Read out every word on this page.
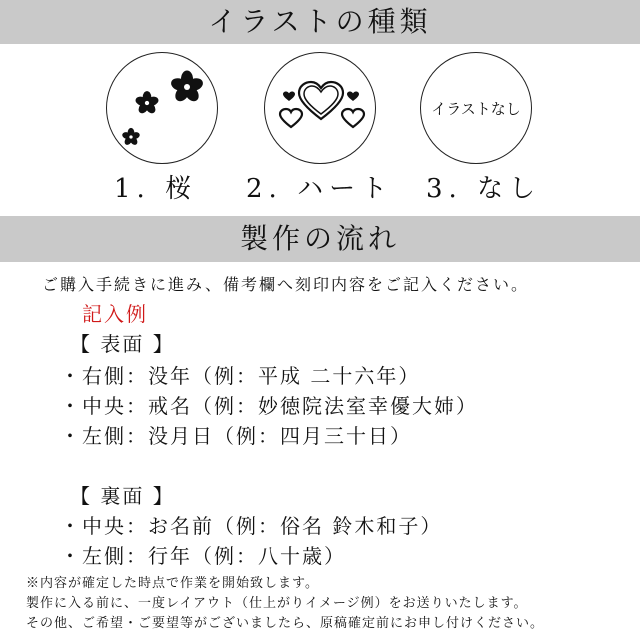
イラストの種類
イラストなし
1. 桜 2. ハート 3. なし
製作の流れ
ご購入手続きに進み、備考欄へ刻印内容をご記入ください。
記入例
【 表面 】
・右側：没年（例：平成 二十六年）
・中央：戒名（例：妙徳院法室幸優大姉）
・左側：没月日（例：四月三十日）
【 裏面 】
・中央：お名前（例：俗名 鈴木和子）
・左側：行年（例：八十歳）
※内容が確定した時点で作業を開始致します。
製作に入る前に、一度レイアウト（仕上がりイメージ例）をお送りいたします。
その他、ご希望・ご要望等がございましたら、原稿確定前にお申し付けください。
